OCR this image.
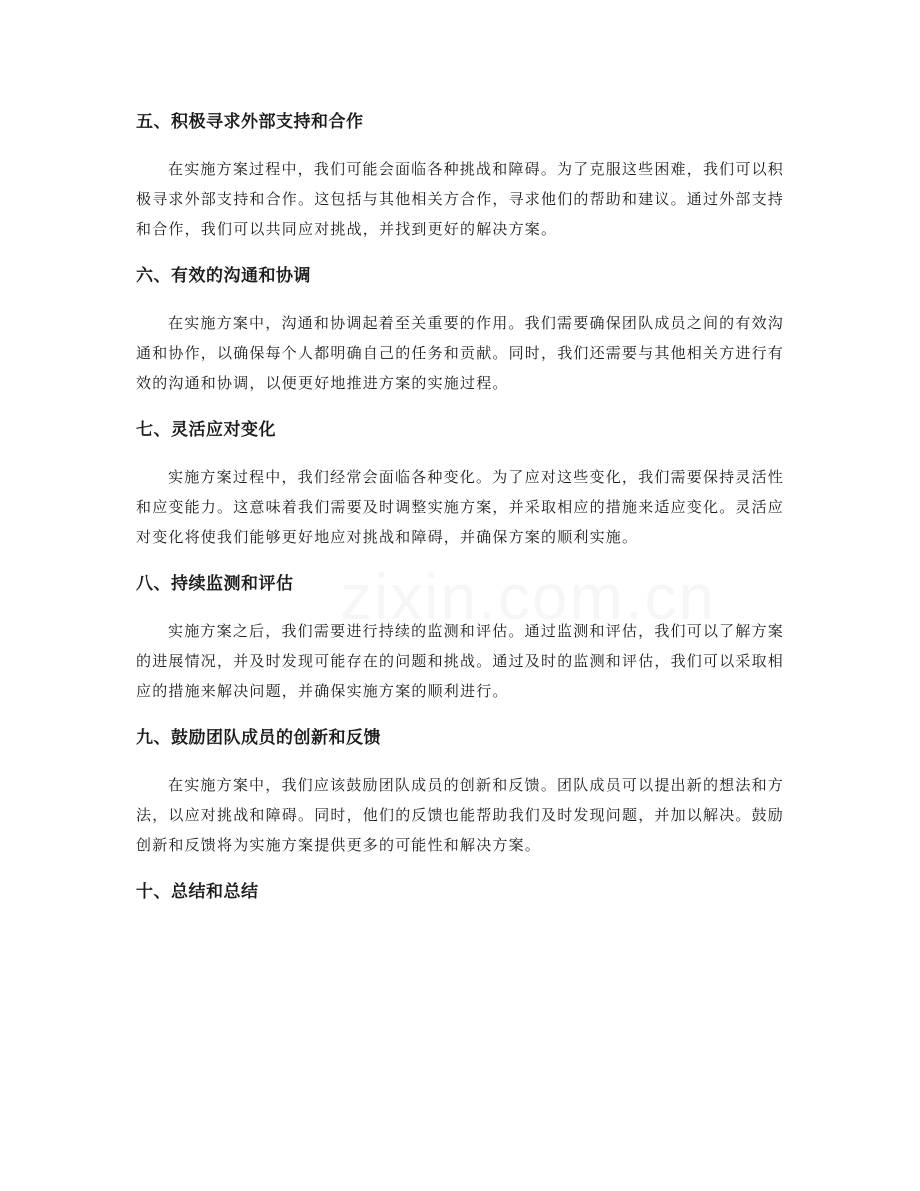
五、积极寻求外部支持和合作

在实施方案过程中，我们可能会面临各种挑战和障碍。为了克服这些困难，我们可以积极寻求外部支持和合作。这包括与其他相关方合作，寻求他们的帮助和建议。通过外部支持和合作，我们可以共同应对挑战，并找到更好的解决方案。

六、有效的沟通和协调

在实施方案中，沟通和协调起着至关重要的作用。我们需要确保团队成员之间的有效沟通和协作，以确保每个人都明确自己的任务和贡献。同时，我们还需要与其他相关方进行有效的沟通和协调，以便更好地推进方案的实施过程。

七、灵活应对变化

实施方案过程中，我们经常会面临各种变化。为了应对这些变化，我们需要保持灵活性和应变能力。这意味着我们需要及时调整实施方案，并采取相应的措施来适应变化。灵活应对变化将使我们能够更好地应对挑战和障碍，并确保方案的顺利实施。

八、持续监测和评估

实施方案之后，我们需要进行持续的监测和评估。通过监测和评估，我们可以了解方案的进展情况，并及时发现可能存在的问题和挑战。通过及时的监测和评估，我们可以采取相应的措施来解决问题，并确保实施方案的顺利进行。

九、鼓励团队成员的创新和反馈

在实施方案中，我们应该鼓励团队成员的创新和反馈。团队成员可以提出新的想法和方法，以应对挑战和障碍。同时，他们的反馈也能帮助我们及时发现问题，并加以解决。鼓励创新和反馈将为实施方案提供更多的可能性和解决方案。

十、总结和总结
